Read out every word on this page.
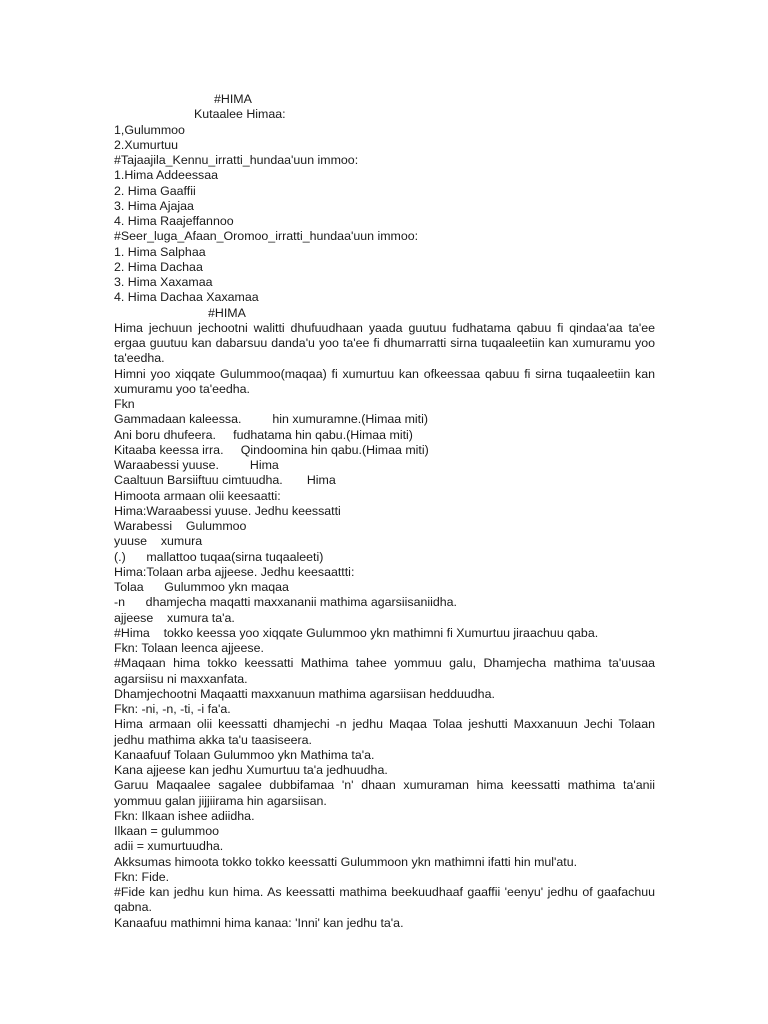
#HIMA
Kutaalee Himaa:
1,Gulummoo
2.Xumurtuu
#Tajaajila_Kennu_irratti_hundaa'uun immoo:
1.Hima Addeessaa
2. Hima Gaaffii
3. Hima Ajajaa
4. Hima Raajeffannoo
#Seer_luga_Afaan_Oromoo_irratti_hundaa'uun immoo:
1. Hima Salphaa
2. Hima Dachaa
3. Hima Xaxamaa
4. Hima Dachaa Xaxamaa
#HIMA
Hima jechuun jechootni walitti dhufuudhaan yaada guutuu fudhatama qabuu fi qindaa'aa ta'ee ergaa guutuu kan dabarsuu danda'u yoo ta'ee fi dhumarratti sirna tuqaaleetiin kan xumuramu yoo ta'eedha.
Himni yoo xiqqate Gulummoo(maqaa) fi xumurtuu kan ofkeessaa qabuu fi sirna tuqaaleetiin kan xumuramu yoo ta'eedha.
Fkn
Gammadaan kaleessa.         hin xumuramne.(Himaa miti)
Ani boru dhufeera.     fudhatama hin qabu.(Himaa miti)
Kitaaba keessa irra.     Qindoomina hin qabu.(Himaa miti)
Waraabessi yuuse.         Hima
Caaltuun Barsiiftuu cimtuudha.       Hima
Himoota armaan olii keesaatti:
Hima:Waraabessi yuuse. Jedhu keessatti
Warabessi    Gulummoo
yuuse    xumura
(.)      mallattoo tuqaa(sirna tuqaaleeti)
Hima:Tolaan arba ajjeese. Jedhu keesaattti:
Tolaa      Gulummoo ykn maqaa
-n      dhamjecha maqatti maxxananii mathima agarsiisaniidha.
ajjeese    xumura ta'a.
#Hima    tokko keessa yoo xiqqate Gulummoo ykn mathimni fi Xumurtuu jiraachuu qaba.
Fkn: Tolaan leenca ajjeese.
#Maqaan hima tokko keessatti Mathima tahee yommuu galu, Dhamjecha mathima ta'uusaa agarsiisu ni maxxanfata.
Dhamjechootni Maqaatti maxxanuun mathima agarsiisan hedduudha.
Fkn: -ni, -n, -ti, -i fa'a.
Hima armaan olii keessatti dhamjechi -n jedhu Maqaa Tolaa jeshutti Maxxanuun Jechi Tolaan jedhu mathima akka ta'u taasiseera.
Kanaafuuf Tolaan Gulummoo ykn Mathima ta'a.
Kana ajjeese kan jedhu Xumurtuu ta'a jedhuudha.
Garuu Maqaalee sagalee dubbifamaa 'n' dhaan xumuraman hima keessatti mathima ta'anii yommuu galan jijjiirama hin agarsiisan.
Fkn: Ilkaan ishee adiidha.
Ilkaan = gulummoo
adii = xumurtuudha.
Akksumas himoota tokko tokko keessatti Gulummoon ykn mathimni ifatti hin mul'atu.
Fkn: Fide.
#Fide kan jedhu kun hima. As keessatti mathima beekuudhaaf gaaffii 'eenyu' jedhu of gaafachuu qabna.
Kanaafuu mathimni hima kanaa: 'Inni' kan jedhu ta'a.
